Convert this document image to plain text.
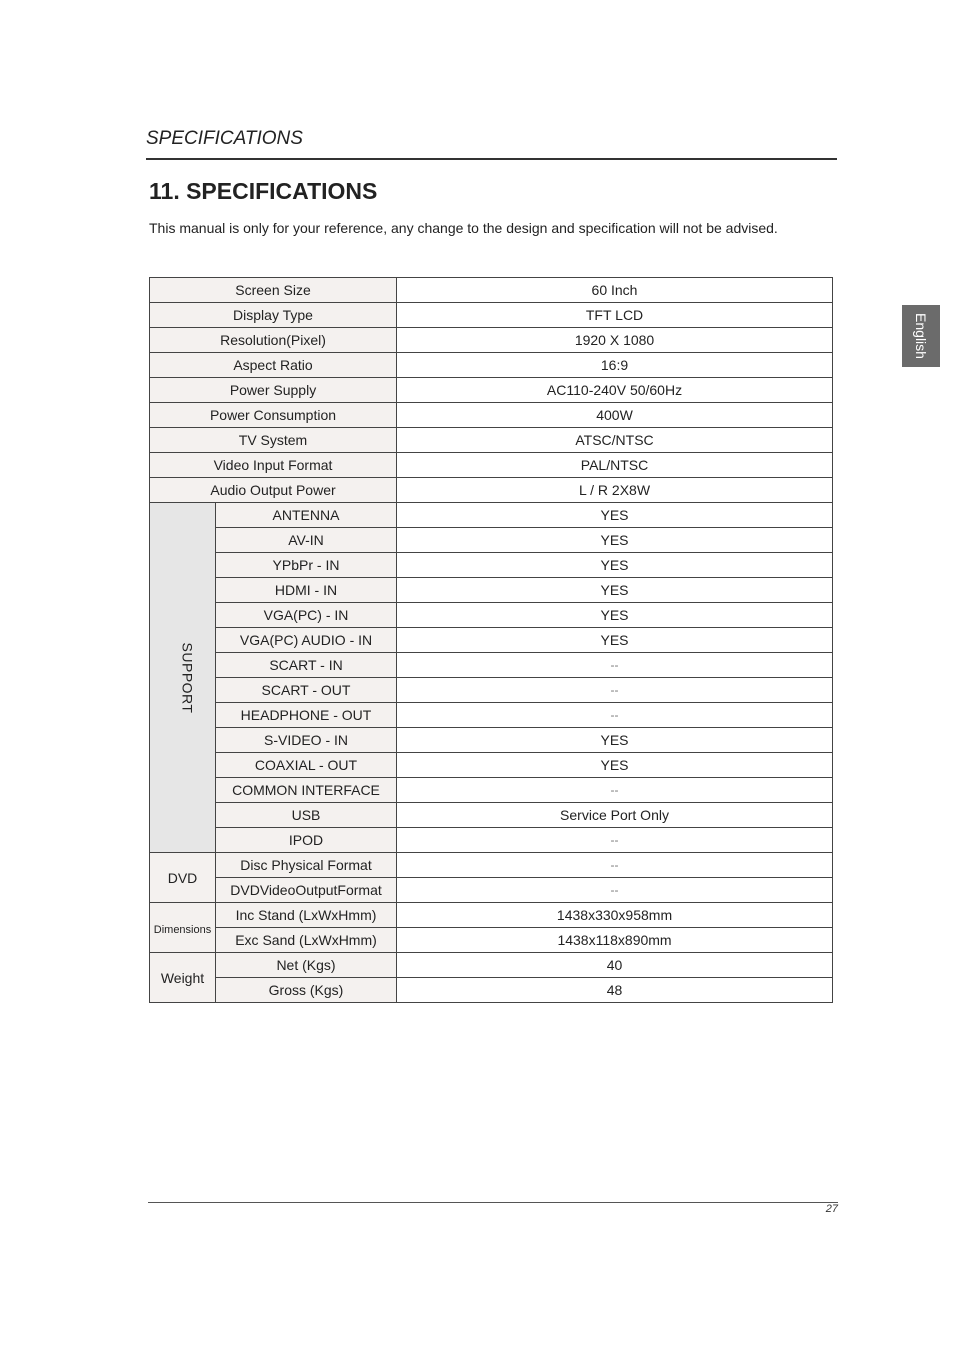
SPECIFICATIONS
11. SPECIFICATIONS
This manual is only for your reference, any change to the design and specification will not be advised.
English
Screen Size		60 Inch
Display Type		TFT LCD
Resolution(Pixel)		1920 X 1080
Aspect Ratio		16:9
Power Supply		AC110-240V 50/60Hz
Power Consumption		400W
TV System		ATSC/NTSC
Video Input Format		PAL/NTSC
Audio Output Power		L / R 2X8W
SUPPORT	ANTENNA	YES
	AV-IN	YES
	YPbPr - IN	YES
	HDMI - IN	YES
	VGA(PC) - IN	YES
	VGA(PC) AUDIO - IN	YES
	SCART - IN	--
	SCART - OUT	--
	HEADPHONE - OUT	--
	S-VIDEO - IN	YES
	COAXIAL - OUT	YES
	COMMON INTERFACE	--
	USB	Service Port Only
	IPOD	--
DVD	Disc Physical Format	--
	DVDVideoOutputFormat	--
Dimensions	Inc Stand (LxWxHmm)	1438x330x958mm
	Exc Sand (LxWxHmm)	1438x118x890mm
Weight	Net (Kgs)	40
	Gross (Kgs)	48
27
